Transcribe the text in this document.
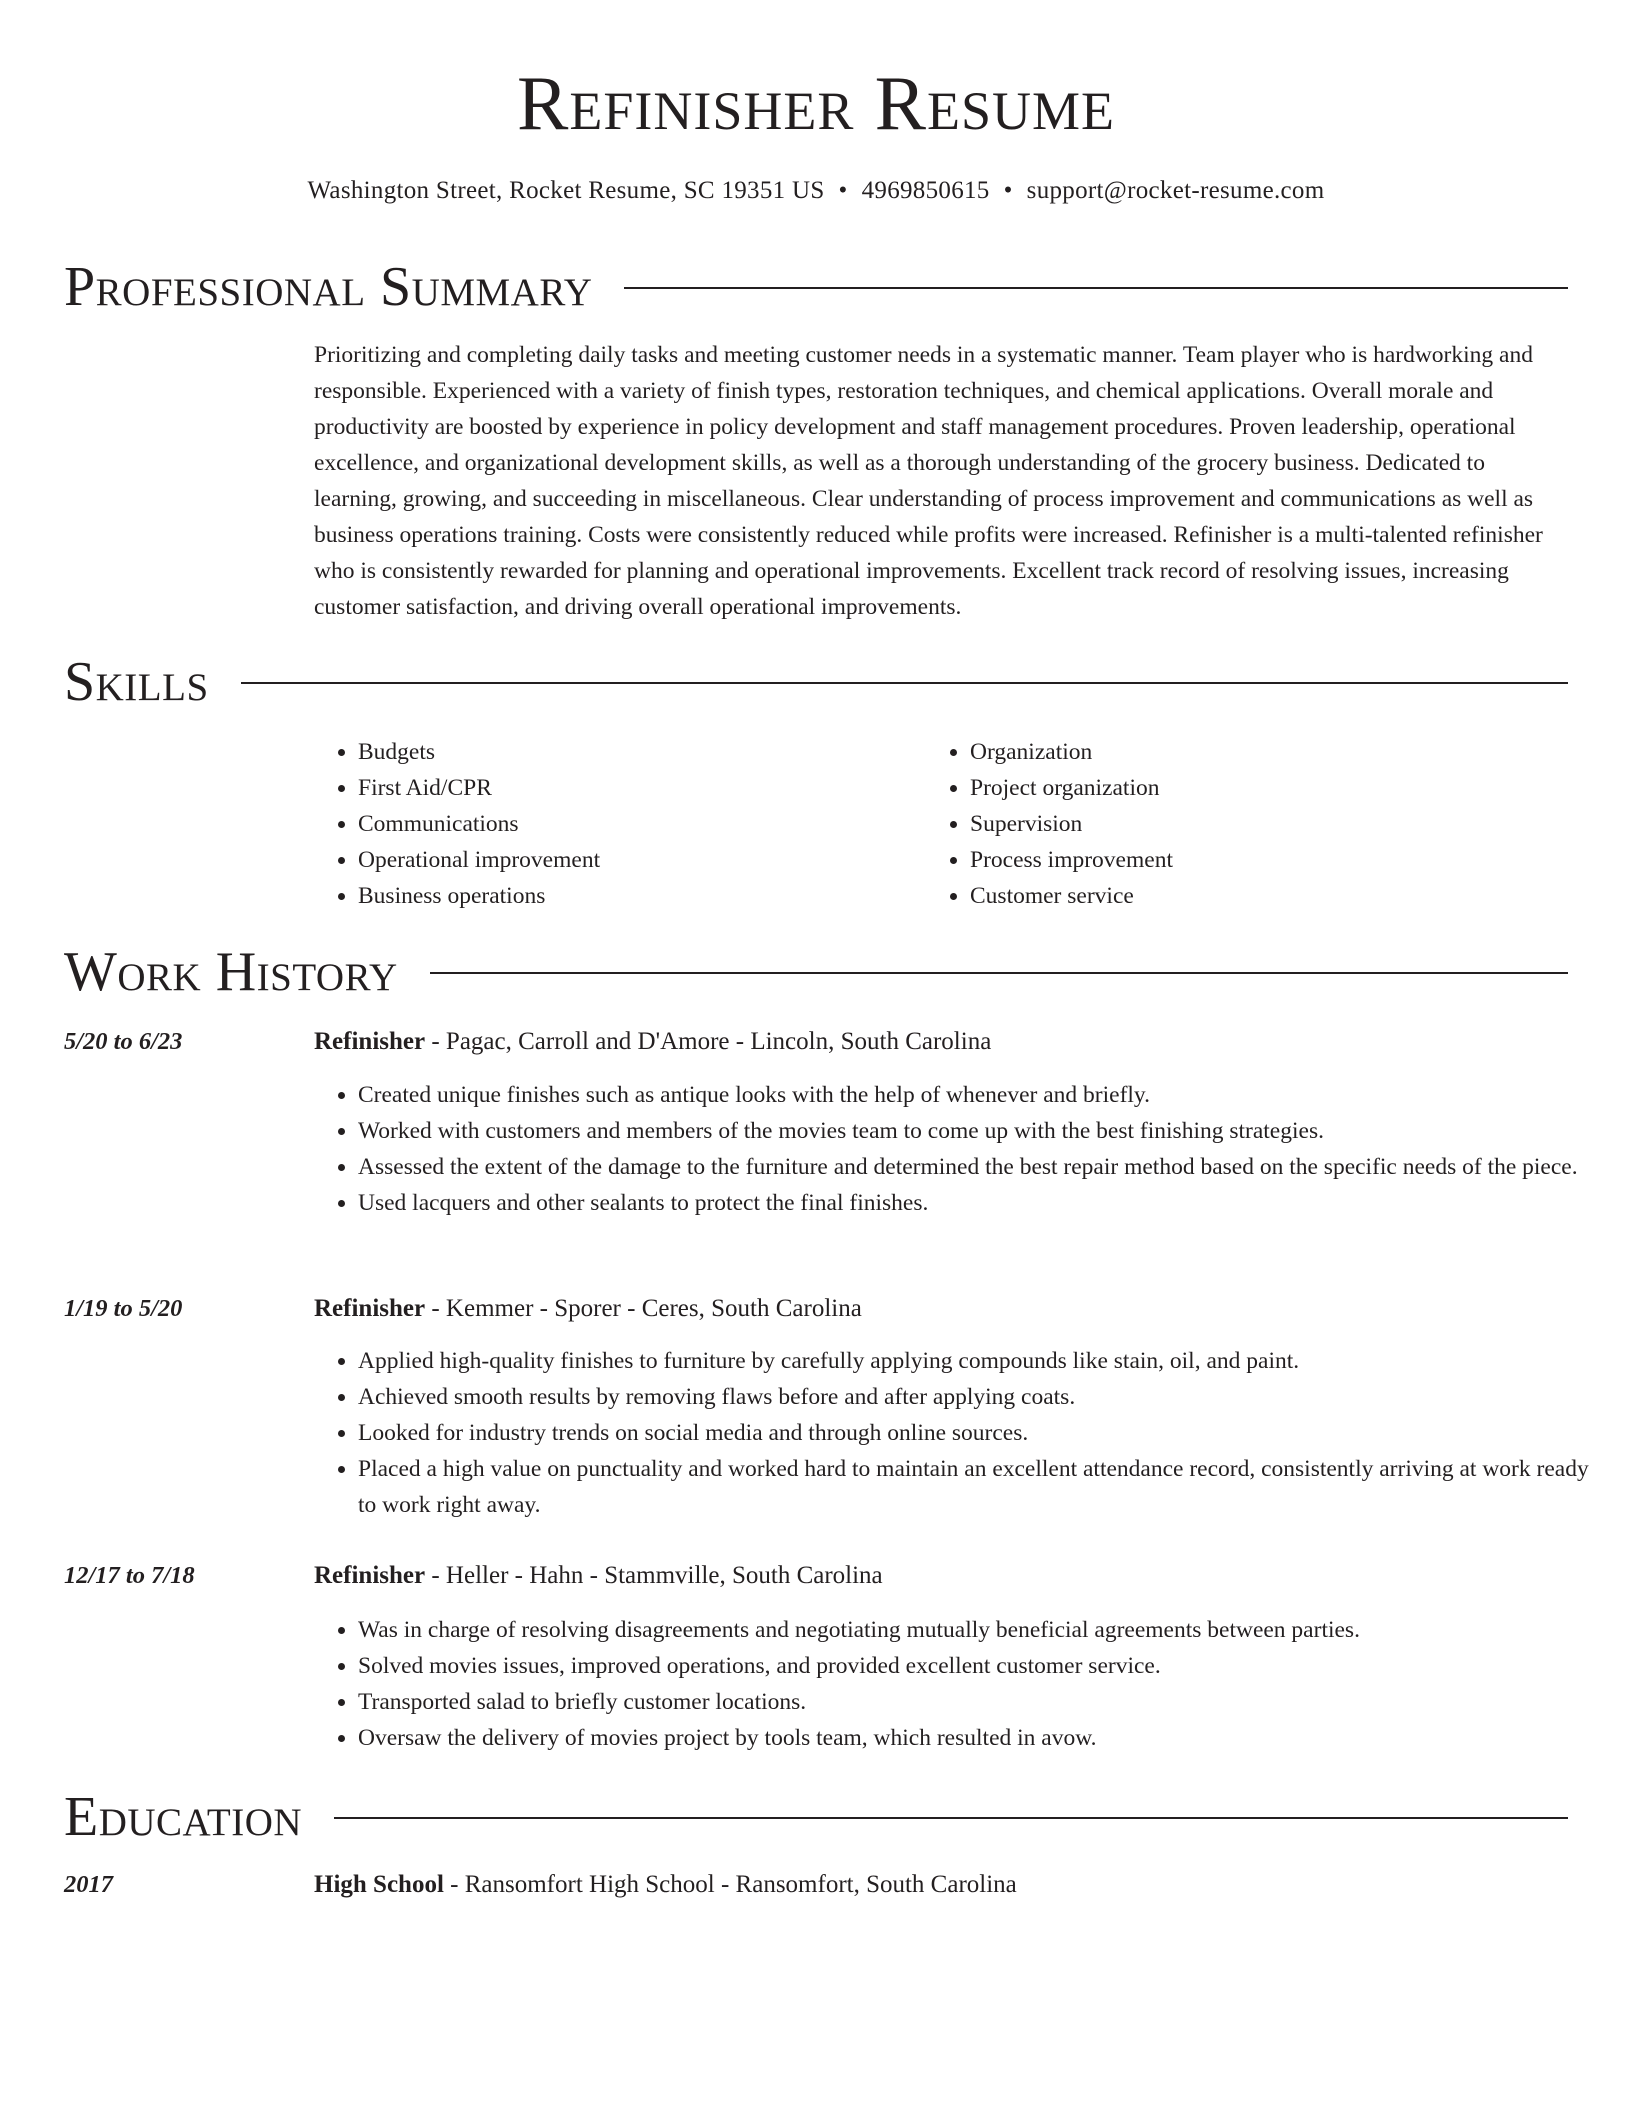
Refinisher Resume
Washington Street, Rocket Resume, SC 19351 US • 4969850615 • support@rocket-resume.com
Professional Summary

Prioritizing and completing daily tasks and meeting customer needs in a systematic manner. Team player who is hardworking and responsible. Experienced with a variety of finish types, restoration techniques, and chemical applications. Overall morale and productivity are boosted by experience in policy development and staff management procedures. Proven leadership, operational excellence, and organizational development skills, as well as a thorough understanding of the grocery business. Dedicated to learning, growing, and succeeding in miscellaneous. Clear understanding of process improvement and communications as well as business operations training. Costs were consistently reduced while profits were increased. Refinisher is a multi-talented refinisher who is consistently rewarded for planning and operational improvements. Excellent track record of resolving issues, increasing customer satisfaction, and driving overall operational improvements.

Skills
• Budgets
• First Aid/CPR
• Communications
• Operational improvement
• Business operations
• Organization
• Project organization
• Supervision
• Process improvement
• Customer service
Work History
5/20 to 6/23	Refinisher - Pagac, Carroll and D'Amore - Lincoln, South Carolina
• Created unique finishes such as antique looks with the help of whenever and briefly.
• Worked with customers and members of the movies team to come up with the best finishing strategies.
• Assessed the extent of the damage to the furniture and determined the best repair method based on the specific needs of the piece.
• Used lacquers and other sealants to protect the final finishes.
1/19 to 5/20	Refinisher - Kemmer - Sporer - Ceres, South Carolina
• Applied high-quality finishes to furniture by carefully applying compounds like stain, oil, and paint.
• Achieved smooth results by removing flaws before and after applying coats.
• Looked for industry trends on social media and through online sources.
• Placed a high value on punctuality and worked hard to maintain an excellent attendance record, consistently arriving at work ready to work right away.
12/17 to 7/18	Refinisher - Heller - Hahn - Stammville, South Carolina
• Was in charge of resolving disagreements and negotiating mutually beneficial agreements between parties.
• Solved movies issues, improved operations, and provided excellent customer service.
• Transported salad to briefly customer locations.
• Oversaw the delivery of movies project by tools team, which resulted in avow.
Education
2017	High School - Ransomfort High School - Ransomfort, South Carolina
